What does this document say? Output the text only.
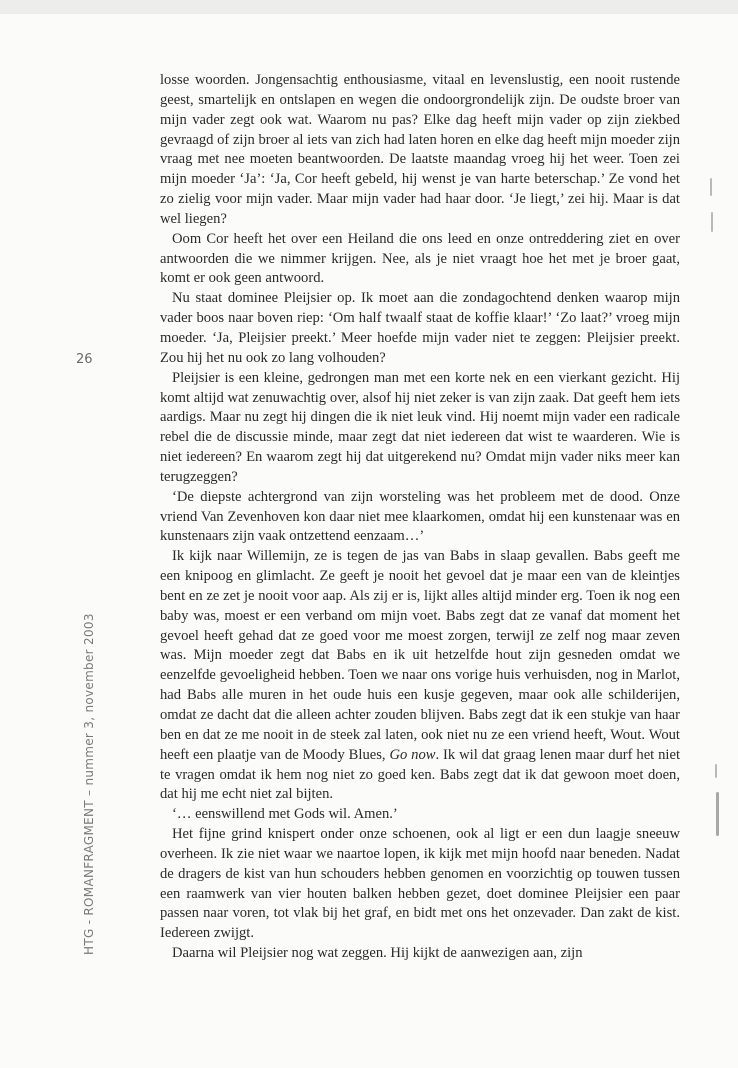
26
HTG - ROMANFRAGMENT – nummer 3, november 2003

losse woorden. Jongensachtig enthousiasme, vitaal en levenslustig, een nooit rustende geest, smartelijk en ontslapen en wegen die ondoorgrondelijk zijn. De oudste broer van mijn vader zegt ook wat. Waarom nu pas? Elke dag heeft mijn vader op zijn ziekbed gevraagd of zijn broer al iets van zich had laten horen en elke dag heeft mijn moeder zijn vraag met nee moeten beantwoorden. De laatste maandag vroeg hij het weer. Toen zei mijn moeder ‘Ja’: ‘Ja, Cor heeft gebeld, hij wenst je van harte beterschap.’ Ze vond het zo zielig voor mijn vader. Maar mijn vader had haar door. ‘Je liegt,’ zei hij. Maar is dat wel liegen?

Oom Cor heeft het over een Heiland die ons leed en onze ontreddering ziet en over antwoorden die we nimmer krijgen. Nee, als je niet vraagt hoe het met je broer gaat, komt er ook geen antwoord.

Nu staat dominee Pleijsier op. Ik moet aan die zondagochtend denken waarop mijn vader boos naar boven riep: ‘Om half twaalf staat de koffie klaar!’ ‘Zo laat?’ vroeg mijn moeder. ‘Ja, Pleijsier preekt.’ Meer hoefde mijn vader niet te zeggen: Pleijsier preekt. Zou hij het nu ook zo lang volhouden?

Pleijsier is een kleine, gedrongen man met een korte nek en een vierkant gezicht. Hij komt altijd wat zenuwachtig over, alsof hij niet zeker is van zijn zaak. Dat geeft hem iets aardigs. Maar nu zegt hij dingen die ik niet leuk vind. Hij noemt mijn vader een radicale rebel die de discussie minde, maar zegt dat niet iedereen dat wist te waarderen. Wie is niet iedereen? En waarom zegt hij dat uitgerekend nu? Omdat mijn vader niks meer kan terugzeggen?

‘De diepste achtergrond van zijn worsteling was het probleem met de dood. Onze vriend Van Zevenhoven kon daar niet mee klaarkomen, omdat hij een kunstenaar was en kunstenaars zijn vaak ontzettend eenzaam…’

Ik kijk naar Willemijn, ze is tegen de jas van Babs in slaap gevallen. Babs geeft me een knipoog en glimlacht. Ze geeft je nooit het gevoel dat je maar een van de kleintjes bent en ze zet je nooit voor aap. Als zij er is, lijkt alles altijd minder erg. Toen ik nog een baby was, moest er een verband om mijn voet. Babs zegt dat ze vanaf dat moment het gevoel heeft gehad dat ze goed voor me moest zorgen, terwijl ze zelf nog maar zeven was. Mijn moeder zegt dat Babs en ik uit hetzelfde hout zijn gesneden omdat we eenzelfde gevoeligheid hebben. Toen we naar ons vorige huis verhuisden, nog in Marlot, had Babs alle muren in het oude huis een kusje gegeven, maar ook alle schilderijen, omdat ze dacht dat die alleen achter zouden blijven. Babs zegt dat ik een stukje van haar ben en dat ze me nooit in de steek zal laten, ook niet nu ze een vriend heeft, Wout. Wout heeft een plaatje van de Moody Blues, Go now. Ik wil dat graag lenen maar durf het niet te vragen omdat ik hem nog niet zo goed ken. Babs zegt dat ik dat gewoon moet doen, dat hij me echt niet zal bijten.

‘… eenswillend met Gods wil. Amen.’

Het fijne grind knispert onder onze schoenen, ook al ligt er een dun laagje sneeuw overheen. Ik zie niet waar we naartoe lopen, ik kijk met mijn hoofd naar beneden. Nadat de dragers de kist van hun schouders hebben genomen en voorzichtig op touwen tussen een raamwerk van vier houten balken hebben gezet, doet dominee Pleijsier een paar passen naar voren, tot vlak bij het graf, en bidt met ons het onzevader. Dan zakt de kist. Iedereen zwijgt.

Daarna wil Pleijsier nog wat zeggen. Hij kijkt de aanwezigen aan, zijn
